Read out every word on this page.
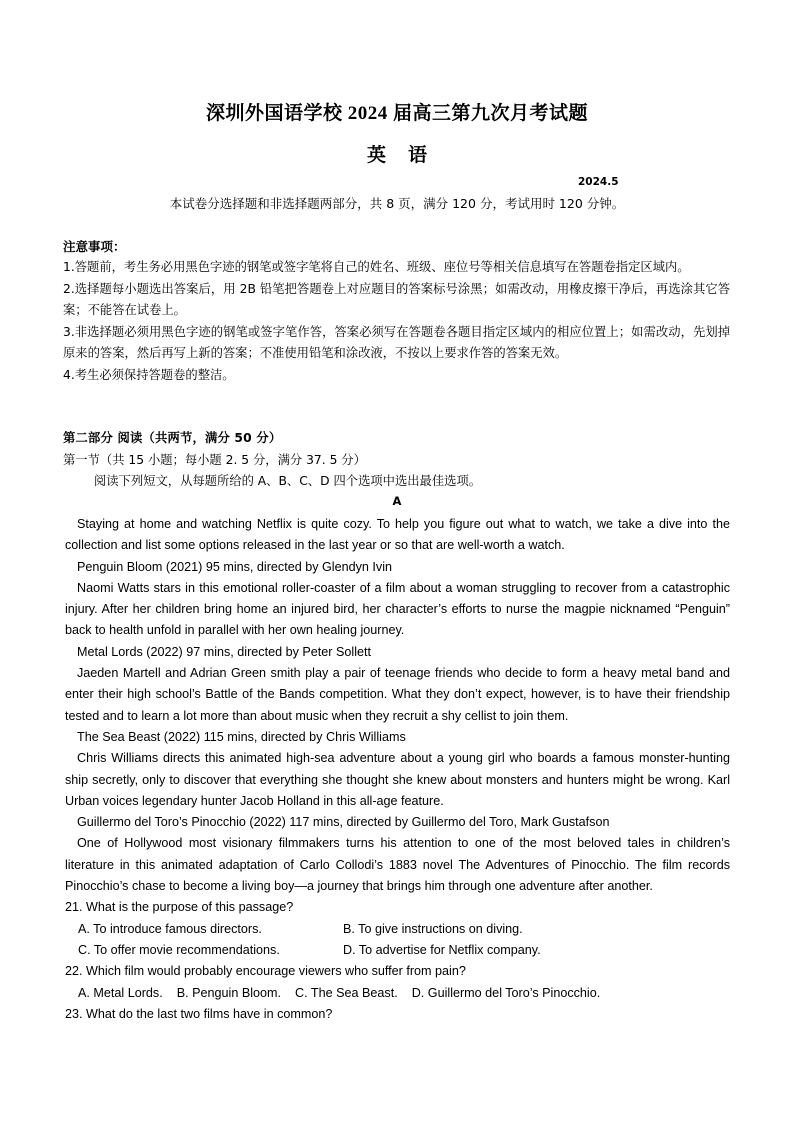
深圳外国语学校 2024 届高三第九次月考试题
英语
2024.5
本试卷分选择题和非选择题两部分，共 8 页，满分 120 分，考试用时 120 分钟。
注意事项：

1.答题前，考生务必用黑色字迹的钢笔或签字笔将自己的姓名、班级、座位号等相关信息填写在答题卷指定区域内。

2.选择题每小题选出答案后，用 2B 铅笔把答题卷上对应题目的答案标号涂黑；如需改动，用橡皮擦干净后，再选涂其它答案；不能答在试卷上。

3.非选择题必须用黑色字迹的钢笔或签字笔作答，答案必须写在答题卷各题目指定区域内的相应位置上；如需改动，先划掉原来的答案，然后再写上新的答案；不准使用铅笔和涂改液，不按以上要求作答的答案无效。

4.考生必须保持答题卷的整洁。

第二部分 阅读（共两节，满分 50 分）
第一节（共 15 小题；每小题 2. 5 分，满分 37. 5 分）
阅读下列短文，从每题所给的 A、B、C、D 四个选项中选出最佳选项。
A

Staying at home and watching Netflix is quite cozy. To help you figure out what to watch, we take a dive into the collection and list some options released in the last year or so that are well-worth a watch.

Penguin Bloom (2021) 95 mins, directed by Glendyn Ivin

Naomi Watts stars in this emotional roller-coaster of a film about a woman struggling to recover from a catastrophic injury. After her children bring home an injured bird, her character’s efforts to nurse the magpie nicknamed “Penguin” back to health unfold in parallel with her own healing journey.

Metal Lords (2022) 97 mins, directed by Peter Sollett

Jaeden Martell and Adrian Green smith play a pair of teenage friends who decide to form a heavy metal band and enter their high school’s Battle of the Bands competition. What they don’t expect, however, is to have their friendship tested and to learn a lot more than about music when they recruit a shy cellist to join them.

The Sea Beast (2022) 115 mins, directed by Chris Williams

Chris Williams directs this animated high-sea adventure about a young girl who boards a famous monster-hunting ship secretly, only to discover that everything she thought she knew about monsters and hunters might be wrong. Karl Urban voices legendary hunter Jacob Holland in this all-age feature.

Guillermo del Toro’s Pinocchio (2022) 117 mins, directed by Guillermo del Toro, Mark Gustafson

One of Hollywood most visionary filmmakers turns his attention to one of the most beloved tales in children’s literature in this animated adaptation of Carlo Collodi’s 1883 novel The Adventures of Pinocchio. The film records Pinocchio’s chase to become a living boy—a journey that brings him through one adventure after another.

21. What is the purpose of this passage?

A. To introduce famous directors.	B. To give instructions on diving.
C. To offer movie recommendations.	D. To advertise for Netflix company.

22. Which film would probably encourage viewers who suffer from pain?

A. Metal Lords. B. Penguin Bloom. C. The Sea Beast. D. Guillermo del Toro’s Pinocchio.

23. What do the last two films have in common?
